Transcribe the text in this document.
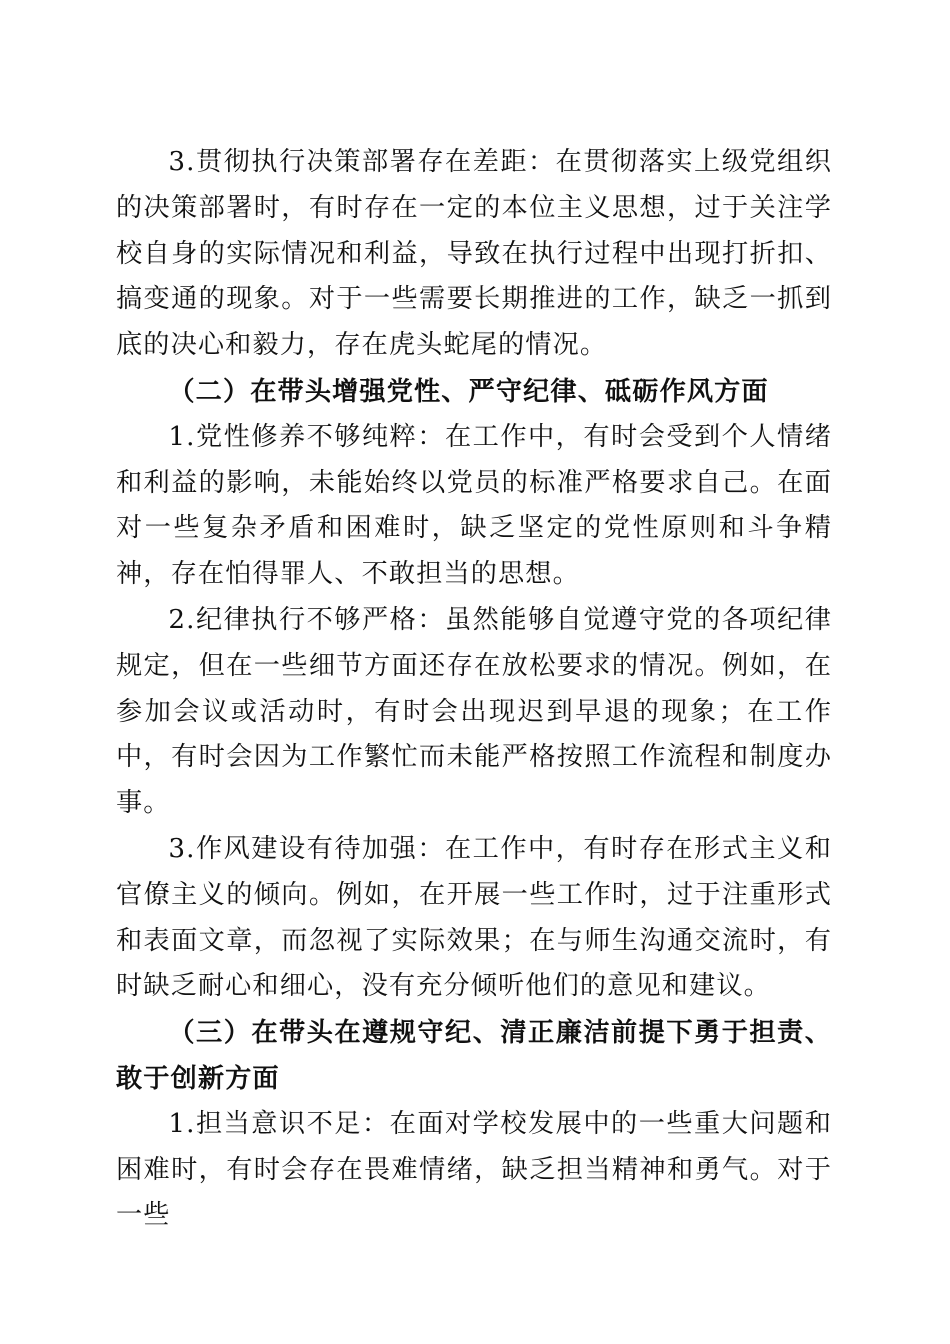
3.贯彻执行决策部署存在差距：在贯彻落实上级党组织的决策部署时，有时存在一定的本位主义思想，过于关注学校自身的实际情况和利益，导致在执行过程中出现打折扣、搞变通的现象。对于一些需要长期推进的工作，缺乏一抓到底的决心和毅力，存在虎头蛇尾的情况。

（二）在带头增强党性、严守纪律、砥砺作风方面

1.党性修养不够纯粹：在工作中，有时会受到个人情绪和利益的影响，未能始终以党员的标准严格要求自己。在面对一些复杂矛盾和困难时，缺乏坚定的党性原则和斗争精神，存在怕得罪人、不敢担当的思想。

2.纪律执行不够严格：虽然能够自觉遵守党的各项纪律规定，但在一些细节方面还存在放松要求的情况。例如，在参加会议或活动时，有时会出现迟到早退的现象；在工作中，有时会因为工作繁忙而未能严格按照工作流程和制度办事。

3.作风建设有待加强：在工作中，有时存在形式主义和官僚主义的倾向。例如，在开展一些工作时，过于注重形式和表面文章，而忽视了实际效果；在与师生沟通交流时，有时缺乏耐心和细心，没有充分倾听他们的意见和建议。

（三）在带头在遵规守纪、清正廉洁前提下勇于担责、敢于创新方面

1.担当意识不足：在面对学校发展中的一些重大问题和困难时，有时会存在畏难情绪，缺乏担当精神和勇气。对于一些
